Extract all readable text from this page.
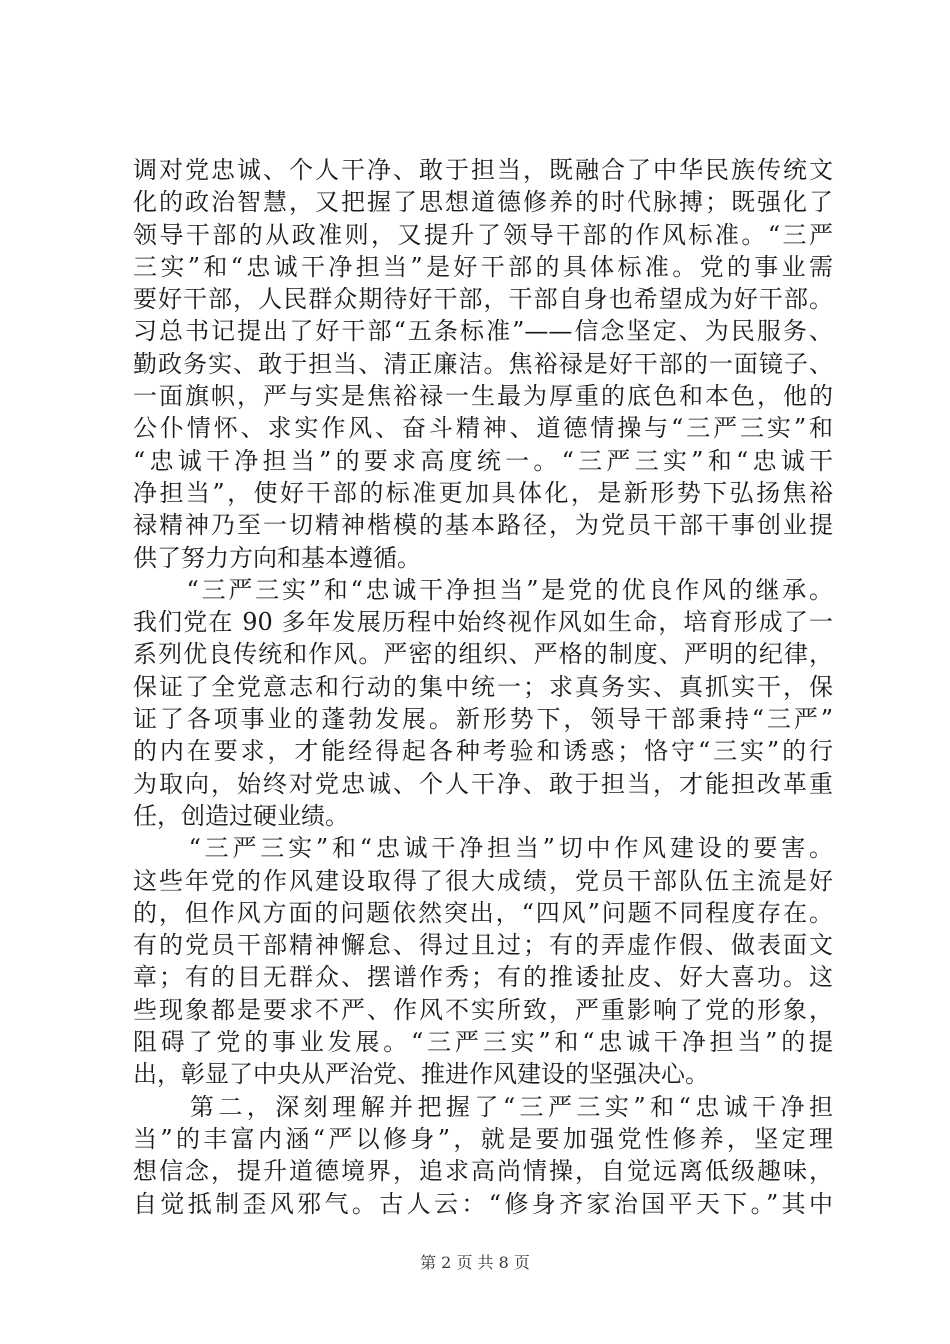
调对党忠诚、个人干净、敢于担当，既融合了中华民族传统文
化的政治智慧，又把握了思想道德修养的时代脉搏；既强化了
领导干部的从政准则，又提升了领导干部的作风标准。“三严
三实”和“忠诚干净担当”是好干部的具体标准。党的事业需
要好干部，人民群众期待好干部，干部自身也希望成为好干部。
习总书记提出了好干部“五条标准”——信念坚定、为民服务、
勤政务实、敢于担当、清正廉洁。焦裕禄是好干部的一面镜子、
一面旗帜，严与实是焦裕禄一生最为厚重的底色和本色，他的
公仆情怀、求实作风、奋斗精神、道德情操与“三严三实”和
“忠诚干净担当”的要求高度统一。“三严三实”和“忠诚干
净担当”，使好干部的标准更加具体化，是新形势下弘扬焦裕
禄精神乃至一切精神楷模的基本路径，为党员干部干事创业提
供了努力方向和基本遵循。
　　“三严三实”和“忠诚干净担当”是党的优良作风的继承。
我们党在 90 多年发展历程中始终视作风如生命，培育形成了一
系列优良传统和作风。严密的组织、严格的制度、严明的纪律，
保证了全党意志和行动的集中统一；求真务实、真抓实干，保
证了各项事业的蓬勃发展。新形势下，领导干部秉持“三严”
的内在要求，才能经得起各种考验和诱惑；恪守“三实”的行
为取向，始终对党忠诚、个人干净、敢于担当，才能担改革重
任，创造过硬业绩。
　　“三严三实”和“忠诚干净担当”切中作风建设的要害。
这些年党的作风建设取得了很大成绩，党员干部队伍主流是好
的，但作风方面的问题依然突出，“四风”问题不同程度存在。
有的党员干部精神懈怠、得过且过；有的弄虚作假、做表面文
章；有的目无群众、摆谱作秀；有的推诿扯皮、好大喜功。这
些现象都是要求不严、作风不实所致，严重影响了党的形象，
阻碍了党的事业发展。“三严三实”和“忠诚干净担当”的提
出，彰显了中央从严治党、推进作风建设的坚强决心。
　　第二，深刻理解并把握了“三严三实”和“忠诚干净担
当”的丰富内涵“严以修身”，就是要加强党性修养，坚定理
想信念，提升道德境界，追求高尚情操，自觉远离低级趣味，
自觉抵制歪风邪气。古人云：“修身齐家治国平天下。”其中
第 2 页 共 8 页
